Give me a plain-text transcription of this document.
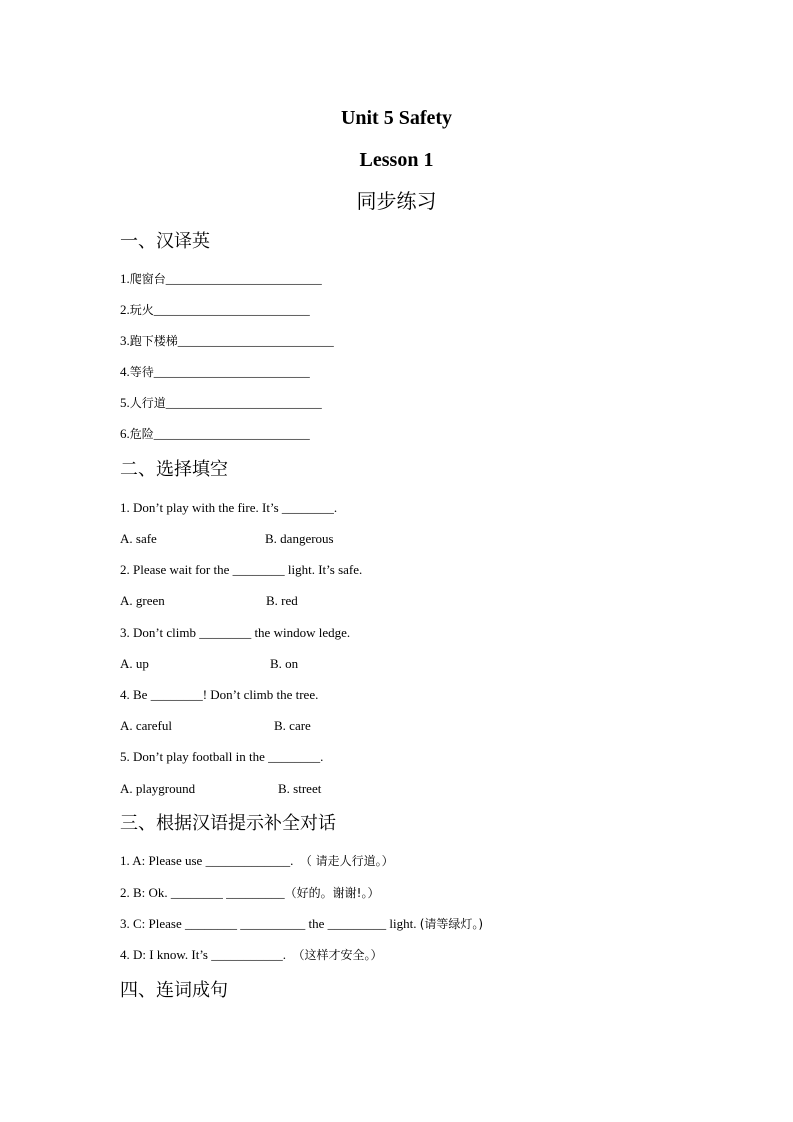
Unit 5 Safety
Lesson 1
同步练习
一、汉译英
1.爬窗台________________________
2.玩火________________________
3.跑下楼梯________________________
4.等待________________________
5.人行道________________________
6.危险________________________
二、选择填空
1. Don’t play with the fire. It’s ________.
A. safe	B. dangerous
2. Please wait for the ________ light. It’s safe.
A. green	B. red
3. Don’t climb ________ the window ledge.
A. up	B. on
4. Be ________! Don’t climb the tree.
A. careful	B. care
5. Don’t play football in the ________.
A. playground	B. street
三、根据汉语提示补全对话
1. A: Please use _____________.  （ 请走人行道。）
2. B: Ok. ________ _________（好的。谢谢!。）
3. C: Please ________ __________ the _________ light. (请等绿灯。)
4. D: I know. It’s ___________.  （这样才安全。）
四、连词成句
